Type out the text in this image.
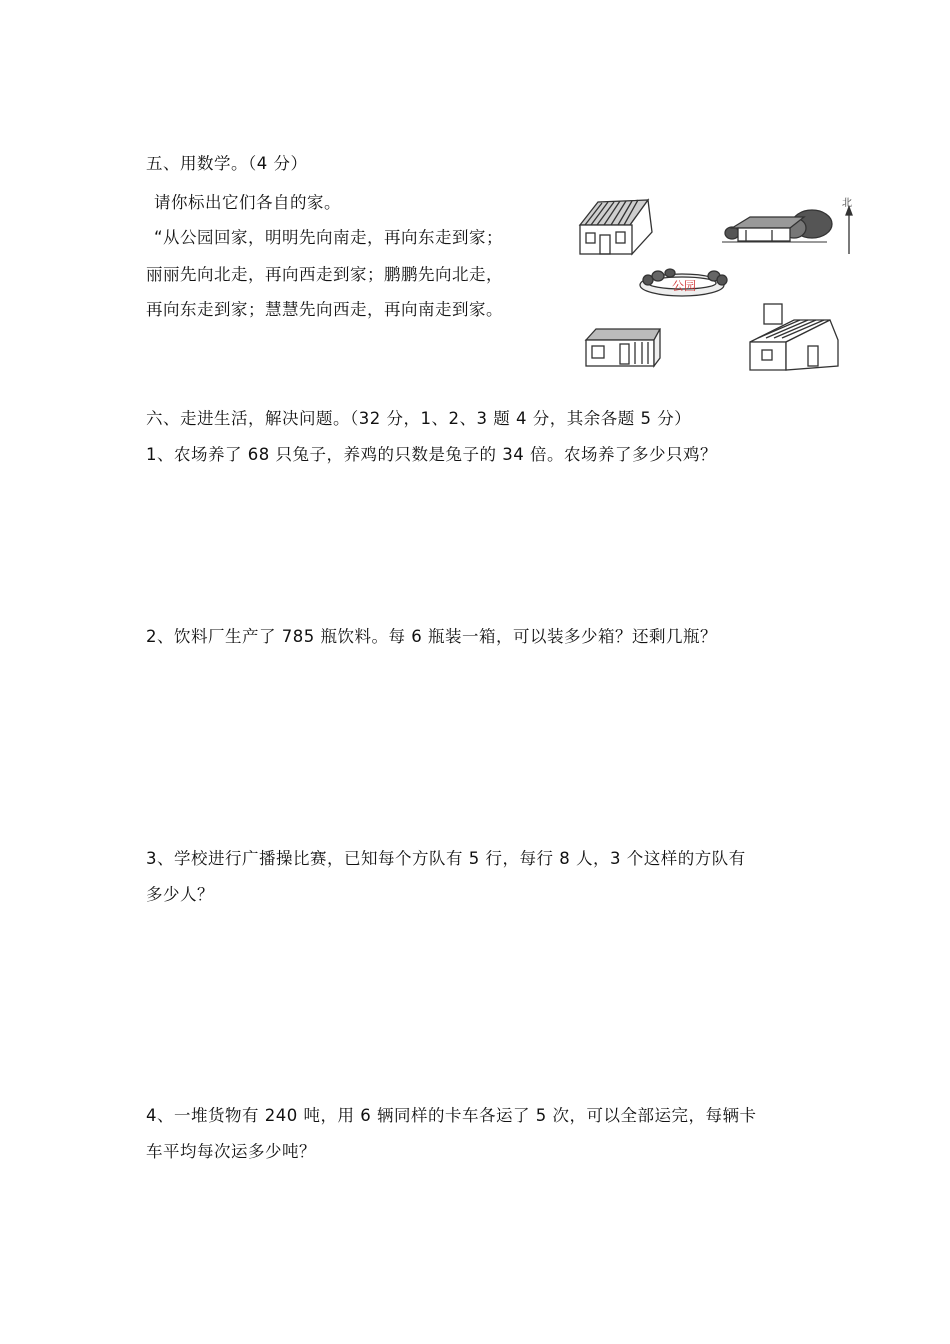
五、用数学。（4 分）
请你标出它们各自的家。
“从公园回家，明明先向南走，再向东走到家；
丽丽先向北走，再向西走到家；鹏鹏先向北走，
再向东走到家；慧慧先向西走，再向南走到家。
北
公园
六、走进生活，解决问题。（32 分，1、2、3 题 4 分，其余各题 5 分）
1、农场养了 68 只兔子，养鸡的只数是兔子的 34 倍。农场养了多少只鸡？
2、饮料厂生产了 785 瓶饮料。每 6 瓶装一箱，可以装多少箱？还剩几瓶？
3、学校进行广播操比赛，已知每个方队有 5 行，每行 8 人，3 个这样的方队有
多少人？
4、一堆货物有 240 吨，用 6 辆同样的卡车各运了 5 次，可以全部运完，每辆卡
车平均每次运多少吨？
